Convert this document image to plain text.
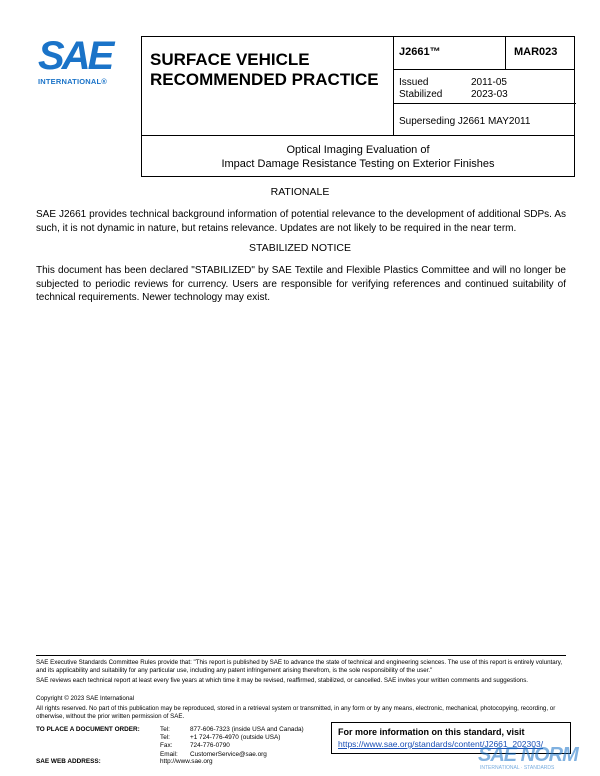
SAE
INTERNATIONAL®
SURFACE VEHICLE
RECOMMENDED PRACTICE
J2661™	MAR023
Issued	2011-05
Stabilized	2023-03
Superseding J2661 MAY2011
Optical Imaging Evaluation of
Impact Damage Resistance Testing on Exterior Finishes
RATIONALE

SAE J2661 provides technical background information of potential relevance to the development of additional SDPs. As such, it is not dynamic in nature, but retains relevance. Updates are not likely to be required in the near term.

STABILIZED NOTICE

This document has been declared "STABILIZED" by SAE Textile and Flexible Plastics Committee and will no longer be subjected to periodic reviews for currency. Users are responsible for verifying references and continued suitability of technical requirements. Newer technology may exist.

SAE Executive Standards Committee Rules provide that: "This report is published by SAE to advance the state of technical and engineering sciences. The use of this report is entirely voluntary, and its applicability and suitability for any particular use, including any patent infringement arising therefrom, is the sole responsibility of the user."

SAE reviews each technical report at least every five years at which time it may be revised, reaffirmed, stabilized, or cancelled. SAE invites your written comments and suggestions.

Copyright © 2023 SAE International

All rights reserved. No part of this publication may be reproduced, stored in a retrieval system or transmitted, in any form or by any means, electronic, mechanical, photocopying, recording, or otherwise, without the prior written permission of SAE.

TO PLACE A DOCUMENT ORDER:	Tel:	877-606-7323 (inside USA and Canada)
Tel:	+1 724-776-4970 (outside USA)
Fax:	724-776-0790
Email: CustomerService@sae.org
SAE WEB ADDRESS:	http://www.sae.org
For more information on this standard, visit
https://www.sae.org/standards/content/J2661_202303/
SAE NORM
INTERNATIONAL · STANDARDS
